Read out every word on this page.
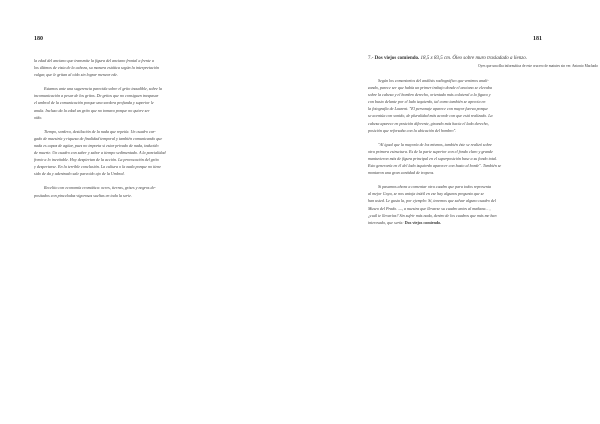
180

la edad del anciano que transmite la figura del anciano frontal a frente a
los últimos de vista de la cabeza, su manera estática según la interpretación
vulgar, que le gritan al oído sin lograr menear ede.

Estamos ante una sugerencia parecida sobre el grito inaudible, sobre la
incomunicación a pesar de los gritos. De gritos que no consiguen traspasar
el umbral de la comunicación porque una sordera profunda y superior le
anula. Incluso da la edad un grito que no tomara porque no quiere ser
oído.

Tiempo, sordera, destilación de la nada que repetía. Un cuadro car-
gado de maestría y riqueza de finalidad temporal y también comunicando que
nada es capaz de agitar, pues no importa si estar privado de nada, inducido
de muerte. Un cuadro con saber y sabor a tiempo sedimentado. A la parcialidad
frente a lo inevitable. Hoy despiertan de la acción. La provocación del grito
y despertarse. En la terrible conclusión. La cultura o la nada porque no tiene
sido de da y adentrado sale parecido ajo de la Umbral.

Recelito con economía cromática: ocres, tierras, grises y negros de-
positados con pinceladas vigorosas sueltas en toda la serie.

181

7.- Dos viejos comiendo. 18,5 x 83,5 cm. Óleo sobre muro trasladado a lienzo.

Oyes que una dha informática de este crucero de matutes sin ver. Antonio Machado

Según los comentarios del análisis radiográfico que venimos anali-
zando, parece ser que había un primer trabajo donde el anciano se elevaba
sobre la cabeza y el hombro derecho, orientado más colateral a la figura y
con busto delante por el lado izquierdo, tal como también se aprecia en
la fotografía de Laurent. "El personaje aparece con mayor fuerza porque
se acentúa con sonido, de pluralidad más acorde con que está realizado. La
cabeza aparece en posición diferente, girando más hacia el lado derecho,
posición que reforzaba con la ubicación del hombro".

"Al igual que la mayoría de los mismos, también éste se realizó sobre
otra primera estructura. Es de la parte superior con el fondo claro y grande
mantuvieron más de figura principal en el superposición base a su fondo total.
Esto generaría en él del lado izquierdo aparecer con busto al borde". También se
montaron una gran cantidad de trapeos.

Si pasamos ahora a comentar otra cuadro que para todos representa
al mejor Goya, se nos antoja inútil en ese hay algunos pregunta que se
han usted. Le gusta la, por ejemplo: Sí, tenemos que salvar alguno cuadro del
Museo del Prado. —, a nuestra que llevarse su cuadro antes al mañana... ,
¿cuál te llevarías? Sin sufrir más nada, dentro de los cuadros que más me han
interesado, que sería: Dos viejos comiendo.
